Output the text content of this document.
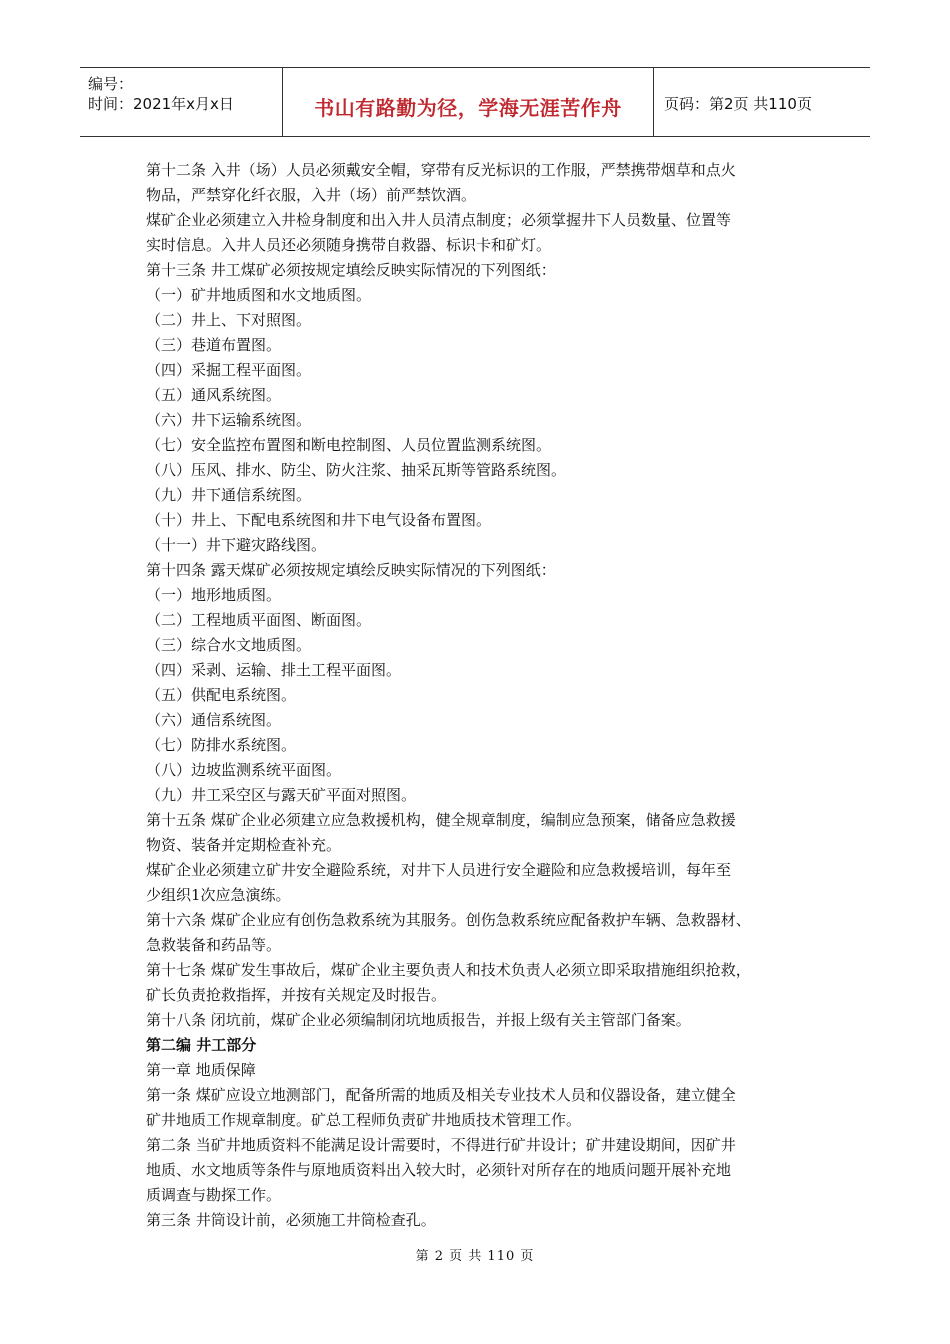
编号：
时间：2021年x月x日	书山有路勤为径，学海无涯苦作舟	页码：第2页 共110页
第十二条 入井（场）人员必须戴安全帽，穿带有反光标识的工作服，严禁携带烟草和点火
物品，严禁穿化纤衣服，入井（场）前严禁饮酒。
煤矿企业必须建立入井检身制度和出入井人员清点制度；必须掌握井下人员数量、位置等
实时信息。入井人员还必须随身携带自救器、标识卡和矿灯。
第十三条 井工煤矿必须按规定填绘反映实际情况的下列图纸：
（一）矿井地质图和水文地质图。
（二）井上、下对照图。
（三）巷道布置图。
（四）采掘工程平面图。
（五）通风系统图。
（六）井下运输系统图。
（七）安全监控布置图和断电控制图、人员位置监测系统图。
（八）压风、排水、防尘、防火注浆、抽采瓦斯等管路系统图。
（九）井下通信系统图。
（十）井上、下配电系统图和井下电气设备布置图。
（十一）井下避灾路线图。
第十四条 露天煤矿必须按规定填绘反映实际情况的下列图纸：
（一）地形地质图。
（二）工程地质平面图、断面图。
（三）综合水文地质图。
（四）采剥、运输、排土工程平面图。
（五）供配电系统图。
（六）通信系统图。
（七）防排水系统图。
（八）边坡监测系统平面图。
（九）井工采空区与露天矿平面对照图。
第十五条 煤矿企业必须建立应急救援机构，健全规章制度，编制应急预案，储备应急救援
物资、装备并定期检查补充。
煤矿企业必须建立矿井安全避险系统，对井下人员进行安全避险和应急救援培训，每年至
少组织1次应急演练。
第十六条 煤矿企业应有创伤急救系统为其服务。创伤急救系统应配备救护车辆、急救器材、
急救装备和药品等。
第十七条 煤矿发生事故后，煤矿企业主要负责人和技术负责人必须立即采取措施组织抢救，
矿长负责抢救指挥，并按有关规定及时报告。
第十八条 闭坑前，煤矿企业必须编制闭坑地质报告，并报上级有关主管部门备案。
第二编 井工部分
第一章 地质保障
第一条 煤矿应设立地测部门，配备所需的地质及相关专业技术人员和仪器设备，建立健全
矿井地质工作规章制度。矿总工程师负责矿井地质技术管理工作。
第二条 当矿井地质资料不能满足设计需要时，不得进行矿井设计；矿井建设期间，因矿井
地质、水文地质等条件与原地质资料出入较大时，必须针对所存在的地质问题开展补充地
质调查与勘探工作。
第三条 井筒设计前，必须施工井筒检查孔。
第 2 页 共 110 页
